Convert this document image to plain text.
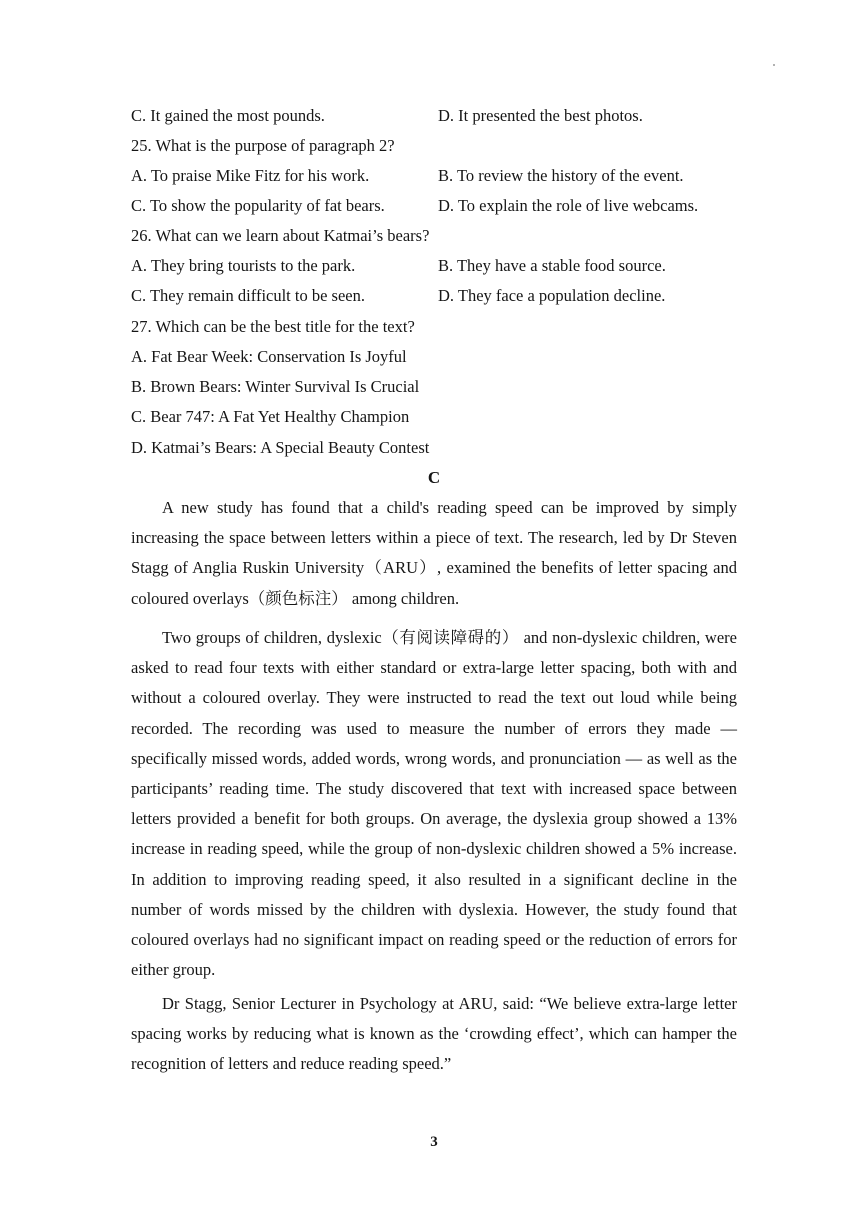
C. It gained the most pounds.	D. It presented the best photos.
25. What is the purpose of paragraph 2?
A. To praise Mike Fitz for his work.	B. To review the history of the event.
C. To show the popularity of fat bears.	D. To explain the role of live webcams.
26. What can we learn about Katmai’s bears?
A. They bring tourists to the park.	B. They have a stable food source.
C. They remain difficult to be seen.	D. They face a population decline.
27. Which can be the best title for the text?
A. Fat Bear Week: Conservation Is Joyful
B. Brown Bears: Winter Survival Is Crucial
C. Bear 747: A Fat Yet Healthy Champion
D. Katmai’s Bears: A Special Beauty Contest
C
A new study has found that a child's reading speed can be improved by simply increasing the space between letters within a piece of text. The research, led by Dr Steven Stagg of Anglia Ruskin University（ARU）, examined the benefits of letter spacing and coloured overlays（颜色标注） among children.
Two groups of children, dyslexic（有阅读障碍的） and non-dyslexic children, were asked to read four texts with either standard or extra-large letter spacing, both with and without a coloured overlay. They were instructed to read the text out loud while being recorded. The recording was used to measure the number of errors they made — specifically missed words, added words, wrong words, and pronunciation — as well as the participants’ reading time. The study discovered that text with increased space between letters provided a benefit for both groups. On average, the dyslexia group showed a 13% increase in reading speed, while the group of non-dyslexic children showed a 5% increase. In addition to improving reading speed, it also resulted in a significant decline in the number of words missed by the children with dyslexia. However, the study found that coloured overlays had no significant impact on reading speed or the reduction of errors for either group.
Dr Stagg, Senior Lecturer in Psychology at ARU, said: “We believe extra-large letter spacing works by reducing what is known as the ‘crowding effect’, which can hamper the recognition of letters and reduce reading speed.”
3
